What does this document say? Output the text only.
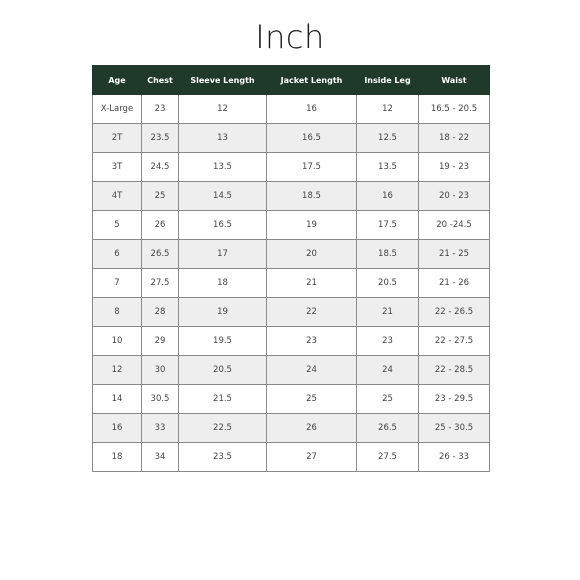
Inch
Age	Chest	Sleeve Length	Jacket Length	Inside Leg	Waist
X-Large	23	12	16	12	16.5 - 20.5
2T	23.5	13	16.5	12.5	18 - 22
3T	24.5	13.5	17.5	13.5	19 - 23
4T	25	14.5	18.5	16	20 - 23
5	26	16.5	19	17.5	20 -24.5
6	26.5	17	20	18.5	21 - 25
7	27.5	18	21	20.5	21 - 26
8	28	19	22	21	22 - 26.5
10	29	19.5	23	23	22 - 27.5
12	30	20.5	24	24	22 - 28.5
14	30.5	21.5	25	25	23 - 29.5
16	33	22.5	26	26.5	25 - 30.5
18	34	23.5	27	27.5	26 - 33
